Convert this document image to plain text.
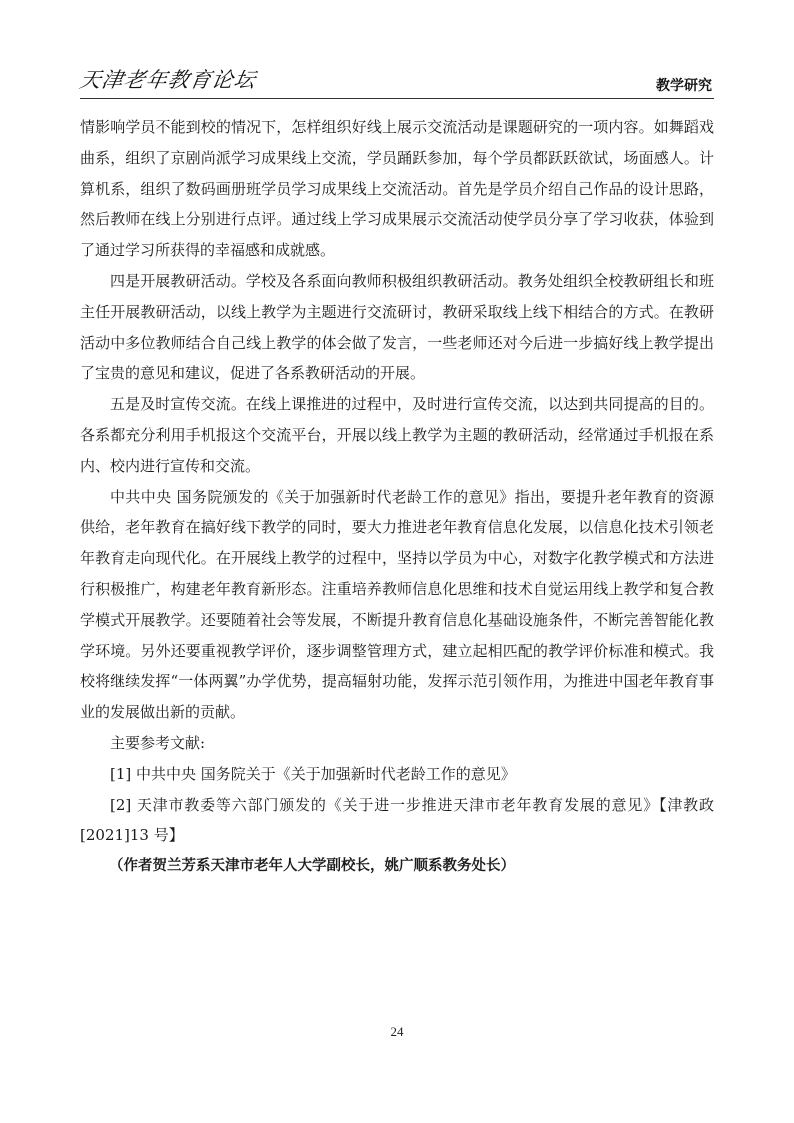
天津老年教育论坛	教学研究

情影响学员不能到校的情况下，怎样组织好线上展示交流活动是课题研究的一项内容。如舞蹈戏曲系，组织了京剧尚派学习成果线上交流，学员踊跃参加，每个学员都跃跃欲试，场面感人。计算机系，组织了数码画册班学员学习成果线上交流活动。首先是学员介绍自己作品的设计思路，然后教师在线上分别进行点评。通过线上学习成果展示交流活动使学员分享了学习收获，体验到了通过学习所获得的幸福感和成就感。

四是开展教研活动。学校及各系面向教师积极组织教研活动。教务处组织全校教研组长和班主任开展教研活动，以线上教学为主题进行交流研讨，教研采取线上线下相结合的方式。在教研活动中多位教师结合自己线上教学的体会做了发言，一些老师还对今后进一步搞好线上教学提出了宝贵的意见和建议，促进了各系教研活动的开展。

五是及时宣传交流。在线上课推进的过程中，及时进行宣传交流，以达到共同提高的目的。各系都充分利用手机报这个交流平台，开展以线上教学为主题的教研活动，经常通过手机报在系内、校内进行宣传和交流。

中共中央 国务院颁发的《关于加强新时代老龄工作的意见》指出，要提升老年教育的资源供给，老年教育在搞好线下教学的同时，要大力推进老年教育信息化发展，以信息化技术引领老年教育走向现代化。在开展线上教学的过程中，坚持以学员为中心，对数字化教学模式和方法进行积极推广，构建老年教育新形态。注重培养教师信息化思维和技术自觉运用线上教学和复合教学模式开展教学。还要随着社会等发展，不断提升教育信息化基础设施条件，不断完善智能化教学环境。另外还要重视教学评价，逐步调整管理方式，建立起相匹配的教学评价标准和模式。我校将继续发挥“一体两翼”办学优势，提高辐射功能，发挥示范引领作用，为推进中国老年教育事业的发展做出新的贡献。

主要参考文献:

[1] 中共中央 国务院关于《关于加强新时代老龄工作的意见》

[2] 天津市教委等六部门颁发的《关于进一步推进天津市老年教育发展的意见》【津教政[2021]13 号】

（作者贺兰芳系天津市老年人大学副校长，姚广顺系教务处长）

24
